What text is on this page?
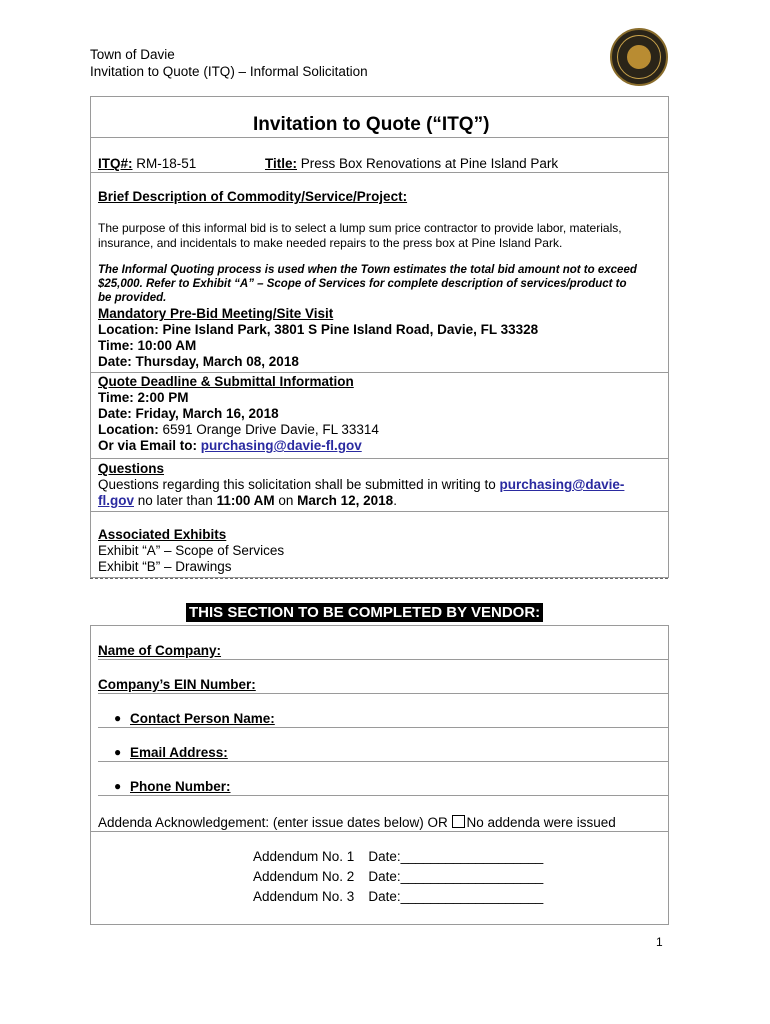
Town of Davie
Invitation to Quote (ITQ) – Informal Solicitation
Invitation to Quote (“ITQ”)
ITQ#: RM-18-51	Title: Press Box Renovations at Pine Island Park
Brief Description of Commodity/Service/Project:
The purpose of this informal bid is to select a lump sum price contractor to provide labor, materials,
insurance, and incidentals to make needed repairs to the press box at Pine Island Park.
The Informal Quoting process is used when the Town estimates the total bid amount not to exceed
$25,000. Refer to Exhibit “A” – Scope of Services for complete description of services/product to
be provided.
Mandatory Pre-Bid Meeting/Site Visit
Location: Pine Island Park, 3801 S Pine Island Road, Davie, FL 33328
Time: 10:00 AM
Date: Thursday, March 08, 2018
Quote Deadline & Submittal Information
Time: 2:00 PM
Date: Friday, March 16, 2018
Location: 6591 Orange Drive Davie, FL 33314
Or via Email to: purchasing@davie-fl.gov
Questions
Questions regarding this solicitation shall be submitted in writing to purchasing@davie-
fl.gov no later than 11:00 AM on March 12, 2018.
Associated Exhibits
Exhibit “A” – Scope of Services
Exhibit “B” – Drawings
THIS SECTION TO BE COMPLETED BY VENDOR:
Name of Company:
Company’s EIN Number:
● Contact Person Name:
● Email Address:
● Phone Number:
Addenda Acknowledgement: (enter issue dates below) OR No addenda were issued
Addendum No. 1 Date:___________________
Addendum No. 2 Date:___________________
Addendum No. 3 Date:___________________
1
